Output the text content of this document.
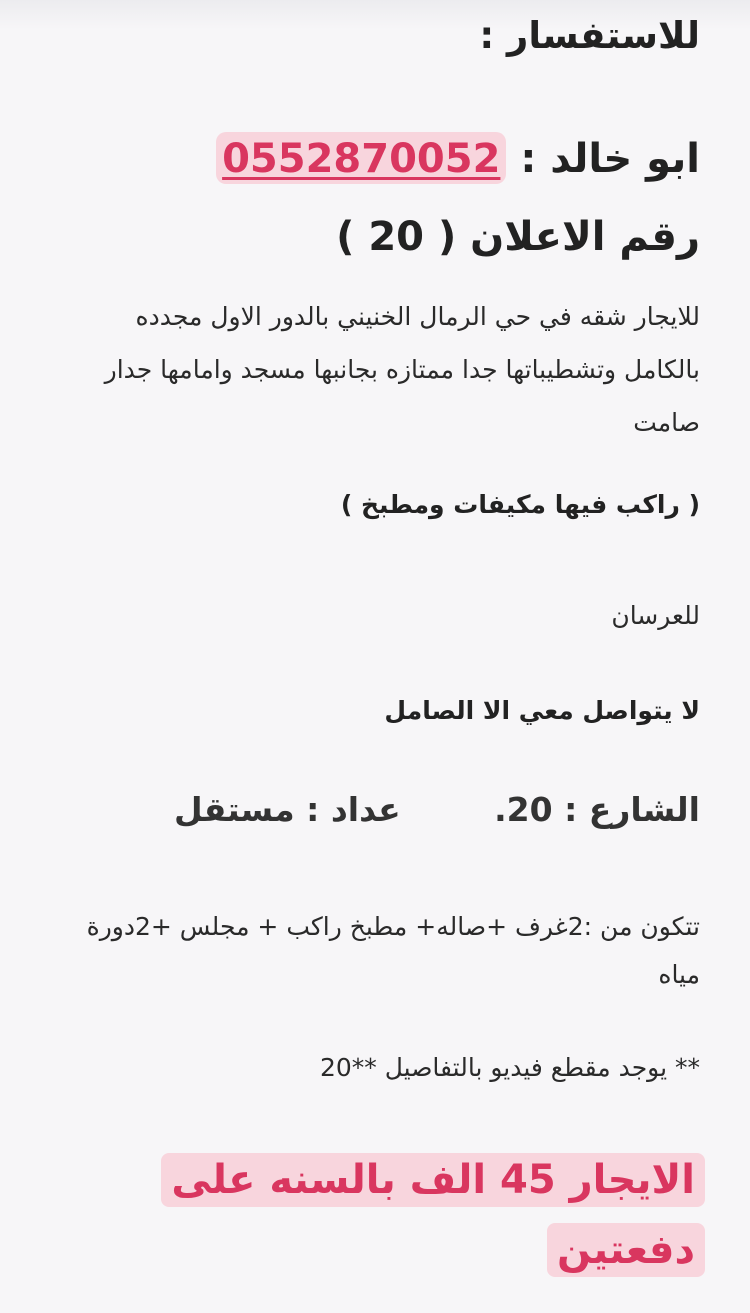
للاستفسار :
ابو خالد : 0552870052
رقم الاعلان ( 20 )
للايجار شقه في حي الرمال الخنيني بالدور الاول مجدده بالكامل وتشطيباتها جدا ممتازه بجانبها مسجد وامامها جدار صامت
( راكب فيها مكيفات ومطبخ )
للعرسان
لا يتواصل معي الا الصامل
الشارع : 20.
عداد : مستقل
تتكون من :2غرف +صاله+ مطبخ راكب + مجلس +2دورة مياه
** يوجد مقطع فيديو بالتفاصيل **20
الايجار 45 الف بالسنه على دفعتين
